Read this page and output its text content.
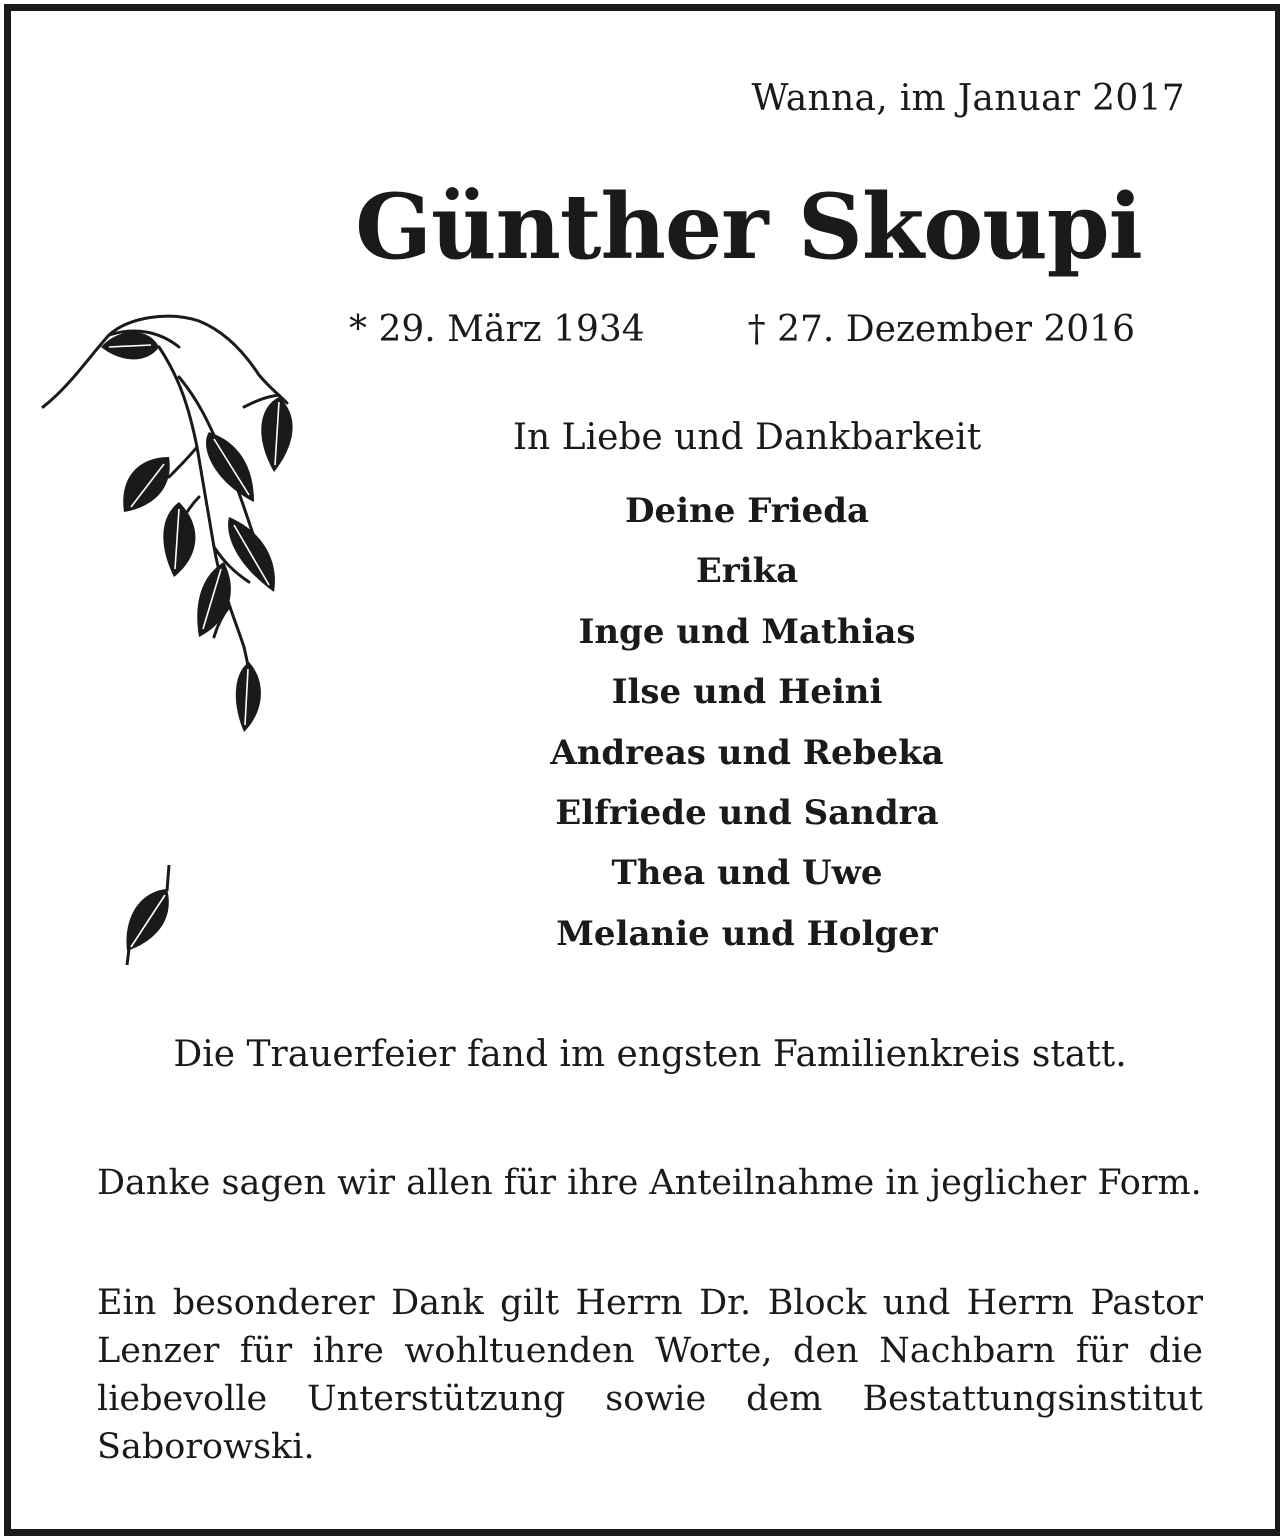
Wanna, im Januar 2017
Günther Skoupi
* 29. März 1934	† 27. Dezember 2016
In Liebe und Dankbarkeit
Deine Frieda
Erika
Inge und Mathias
Ilse und Heini
Andreas und Rebeka
Elfriede und Sandra
Thea und Uwe
Melanie und Holger
Die Trauerfeier fand im engsten Familienkreis statt.

Danke sagen wir allen für ihre Anteilnahme in jeglicher Form.

Ein besonderer Dank gilt Herrn Dr. Block und Herrn Pastor Lenzer für ihre wohltuenden Worte, den Nachbarn für die liebevolle Unterstützung sowie dem Bestattungsinstitut Saborowski.
